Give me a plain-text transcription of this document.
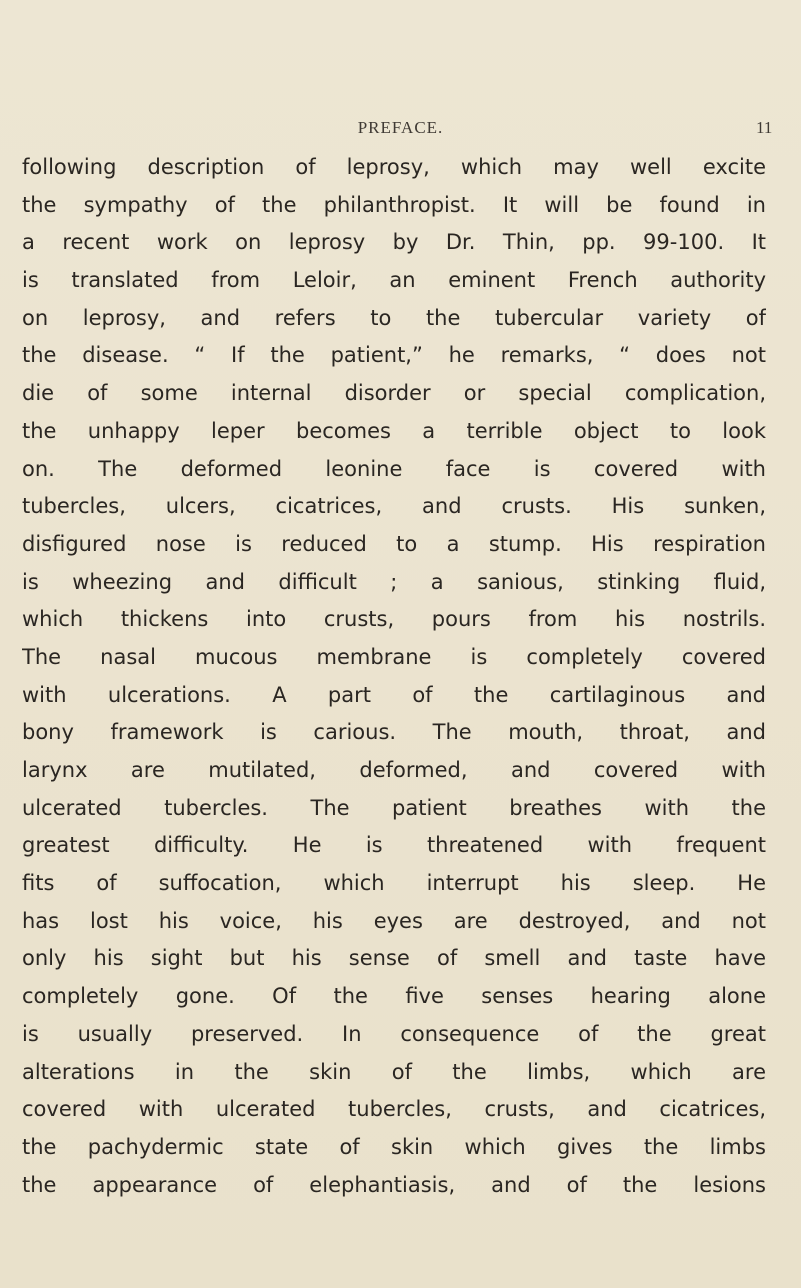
PREFACE.	11
following description of leprosy, which may well excite
the sympathy of the philanthropist. It will be found in
a recent work on leprosy by Dr. Thin, pp. 99-100. It
is translated from Leloir, an eminent French authority
on leprosy, and refers to the tubercular variety of
the disease. “ If the patient,” he remarks, “ does not
die of some internal disorder or special complication,
the unhappy leper becomes a terrible object to look
on. The deformed leonine face is covered with
tubercles, ulcers, cicatrices, and crusts. His sunken,
disfigured nose is reduced to a stump. His respiration
is wheezing and difficult ; a sanious, stinking fluid,
which thickens into crusts, pours from his nostrils.
The nasal mucous membrane is completely covered
with ulcerations. A part of the cartilaginous and
bony framework is carious. The mouth, throat, and
larynx are mutilated, deformed, and covered with
ulcerated tubercles. The patient breathes with the
greatest difficulty. He is threatened with frequent
fits of suffocation, which interrupt his sleep. He
has lost his voice, his eyes are destroyed, and not
only his sight but his sense of smell and taste have
completely gone. Of the five senses hearing alone
is usually preserved. In consequence of the great
alterations in the skin of the limbs, which are
covered with ulcerated tubercles, crusts, and cicatrices,
the pachydermic state of skin which gives the limbs
the appearance of elephantiasis, and of the lesions
